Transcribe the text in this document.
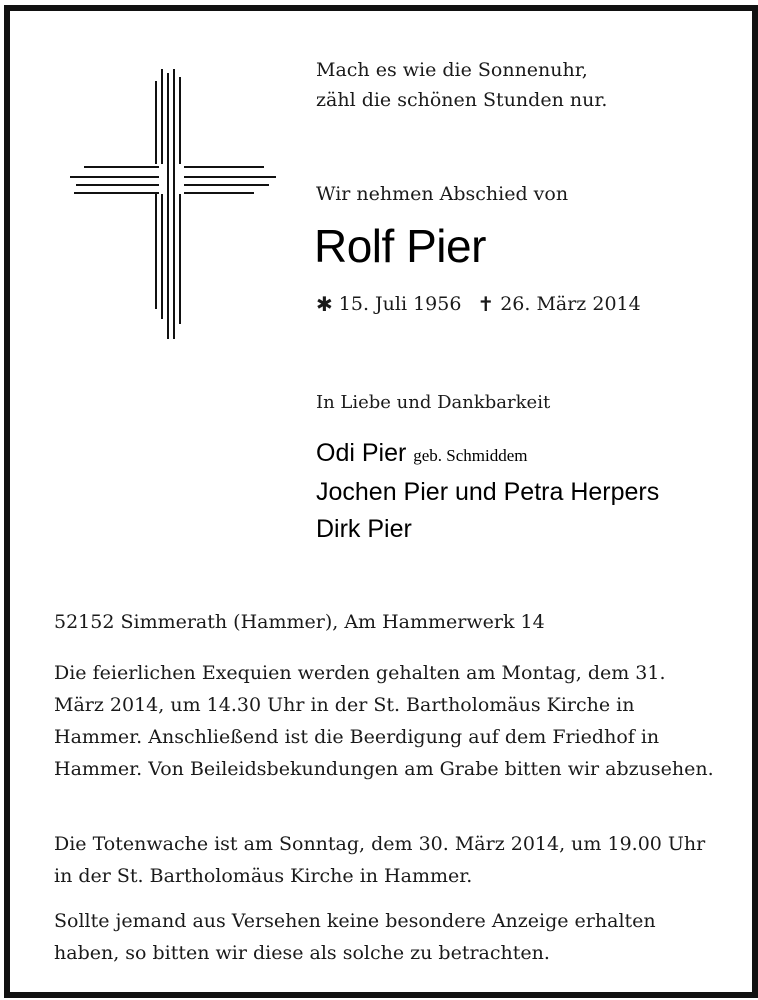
Mach es wie die Sonnenuhr,
zähl die schönen Stunden nur.
Wir nehmen Abschied von
Rolf Pier
✱ 15. Juli 1956 ✝ 26. März 2014
In Liebe und Dankbarkeit
Odi Pier geb. Schmiddem
Jochen Pier und Petra Herpers
Dirk Pier
52152 Simmerath (Hammer), Am Hammerwerk 14
Die feierlichen Exequien werden gehalten am Montag, dem 31. März 2014, um 14.30 Uhr in der St. Bartholomäus Kirche in Hammer. Anschließend ist die Beerdigung auf dem Friedhof in Hammer. Von Beileidsbekundungen am Grabe bitten wir abzusehen.
Die Totenwache ist am Sonntag, dem 30. März 2014, um 19.00 Uhr in der St. Bartholomäus Kirche in Hammer.
Sollte jemand aus Versehen keine besondere Anzeige erhalten haben, so bitten wir diese als solche zu betrachten.
